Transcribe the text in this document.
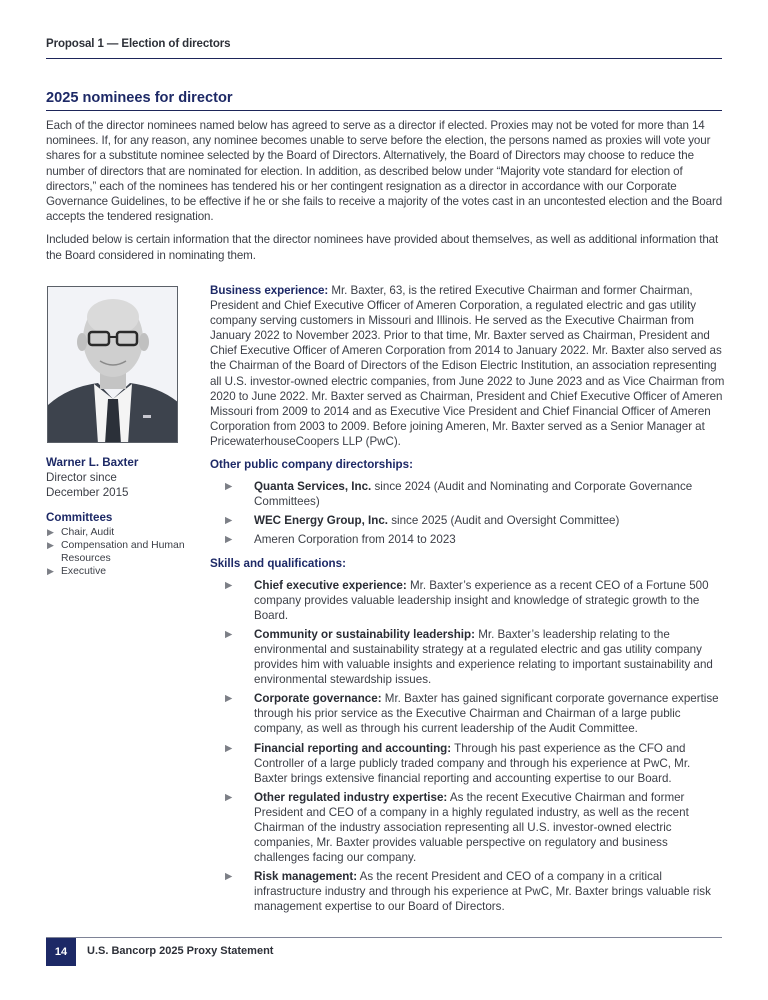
Proposal 1 — Election of directors
2025 nominees for director

Each of the director nominees named below has agreed to serve as a director if elected. Proxies may not be voted for more than 14 nominees. If, for any reason, any nominee becomes unable to serve before the election, the persons named as proxies will vote your shares for a substitute nominee selected by the Board of Directors. Alternatively, the Board of Directors may choose to reduce the number of directors that are nominated for election. In addition, as described below under “Majority vote standard for election of directors,” each of the nominees has tendered his or her contingent resignation as a director in accordance with our Corporate Governance Guidelines, to be effective if he or she fails to receive a majority of the votes cast in an uncontested election and the Board accepts the tendered resignation.

Included below is certain information that the director nominees have provided about themselves, as well as additional information that the Board considered in nominating them.

Warner L. Baxter
Director since
December 2015
Committees
▶ Chair, Audit
▶ Compensation and Human Resources
▶ Executive

Business experience: Mr. Baxter, 63, is the retired Executive Chairman and former Chairman, President and Chief Executive Officer of Ameren Corporation, a regulated electric and gas utility company serving customers in Missouri and Illinois. He served as the Executive Chairman from January 2022 to November 2023. Prior to that time, Mr. Baxter served as Chairman, President and Chief Executive Officer of Ameren Corporation from 2014 to January 2022. Mr. Baxter also served as the Chairman of the Board of Directors of the Edison Electric Institution, an association representing all U.S. investor-owned electric companies, from June 2022 to June 2023 and as Vice Chairman from 2020 to June 2022. Mr. Baxter served as Chairman, President and Chief Executive Officer of Ameren Missouri from 2009 to 2014 and as Executive Vice President and Chief Financial Officer of Ameren Corporation from 2003 to 2009. Before joining Ameren, Mr. Baxter served as a Senior Manager at PricewaterhouseCoopers LLP (PwC).

Other public company directorships:
▶ Quanta Services, Inc. since 2024 (Audit and Nominating and Corporate Governance Committees)
▶ WEC Energy Group, Inc. since 2025 (Audit and Oversight Committee)
▶ Ameren Corporation from 2014 to 2023
Skills and qualifications:
▶ Chief executive experience: Mr. Baxter’s experience as a recent CEO of a Fortune 500 company provides valuable leadership insight and knowledge of strategic growth to the Board.
▶ Community or sustainability leadership: Mr. Baxter’s leadership relating to the environmental and sustainability strategy at a regulated electric and gas utility company provides him with valuable insights and experience relating to important sustainability and environmental stewardship issues.
▶ Corporate governance: Mr. Baxter has gained significant corporate governance expertise through his prior service as the Executive Chairman and Chairman of a large public company, as well as through his current leadership of the Audit Committee.
▶ Financial reporting and accounting: Through his past experience as the CFO and Controller of a large publicly traded company and through his experience at PwC, Mr. Baxter brings extensive financial reporting and accounting expertise to our Board.
▶ Other regulated industry expertise: As the recent Executive Chairman and former President and CEO of a company in a highly regulated industry, as well as the recent Chairman of the industry association representing all U.S. investor-owned electric companies, Mr. Baxter provides valuable perspective on regulatory and business challenges facing our company.
▶ Risk management: As the recent President and CEO of a company in a critical infrastructure industry and through his experience at PwC, Mr. Baxter brings valuable risk management expertise to our Board of Directors.
14	U.S. Bancorp 2025 Proxy Statement
